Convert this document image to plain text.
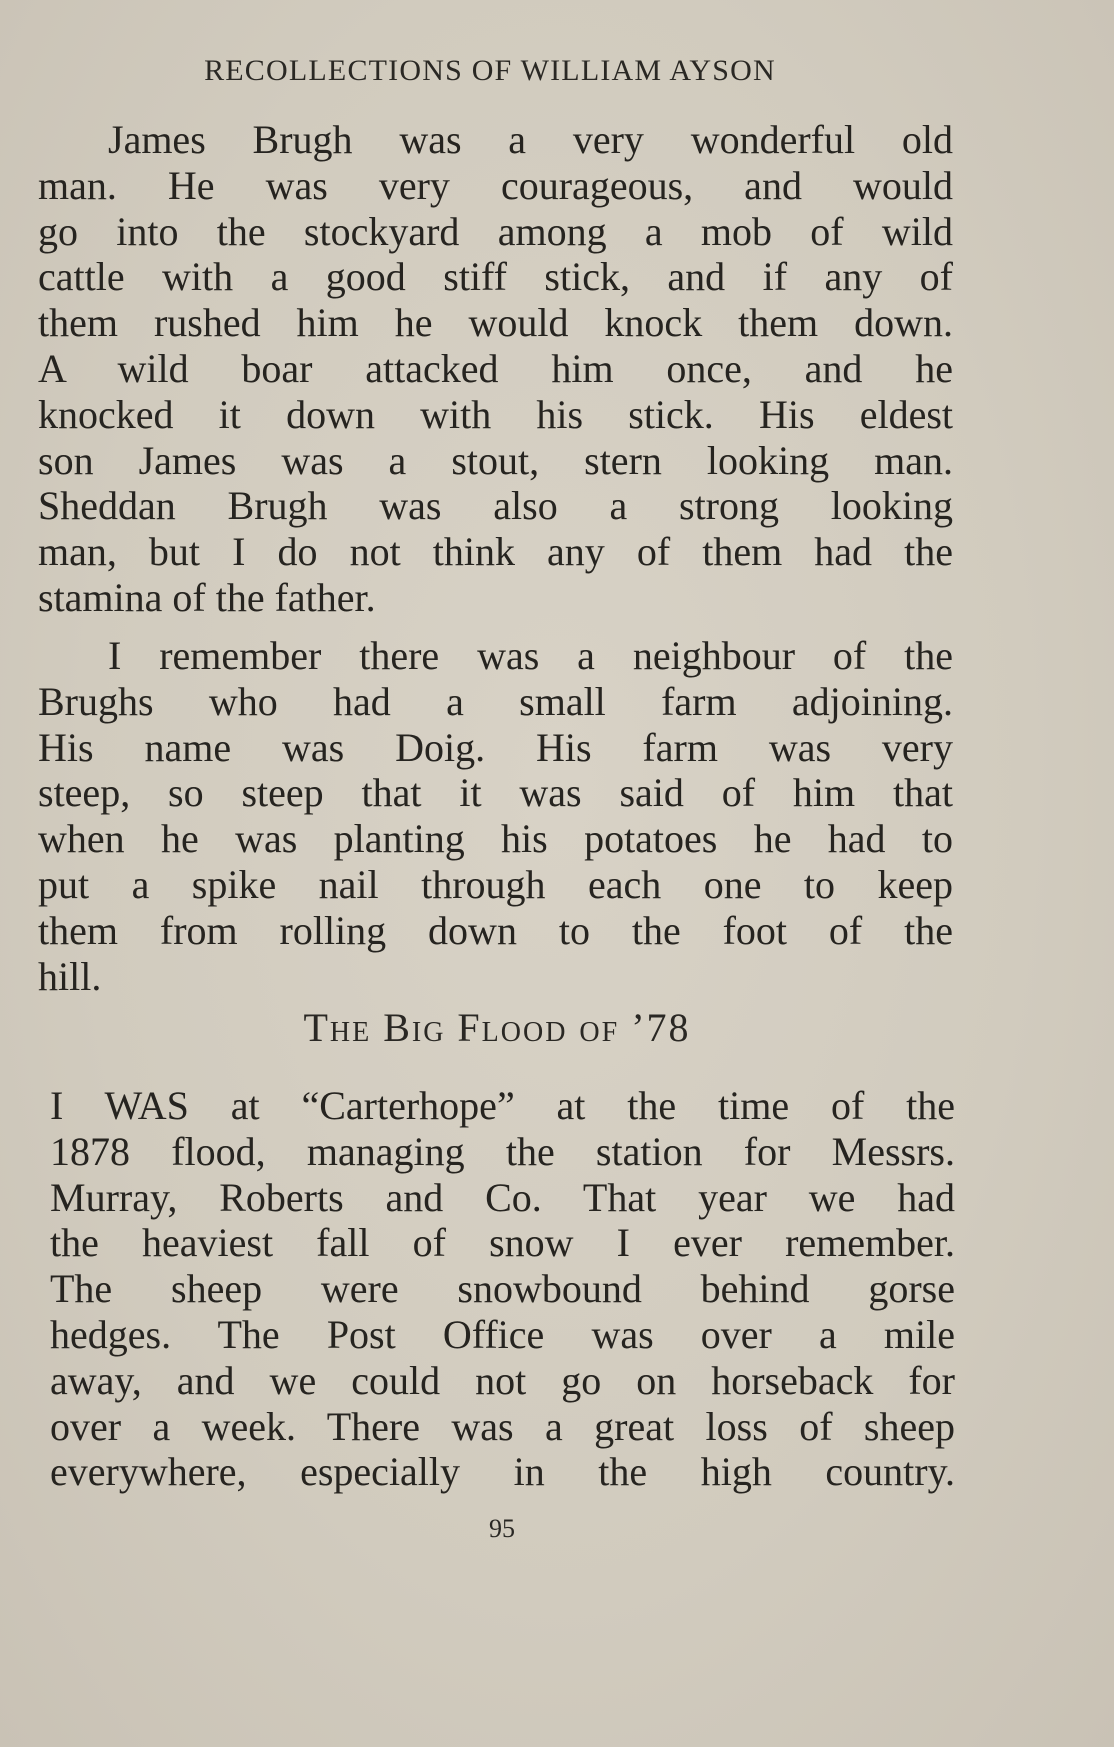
RECOLLECTIONS OF WILLIAM AYSON
James Brugh was a very wonderful old
man. He was very courageous, and would
go into the stockyard among a mob of wild
cattle with a good stiff stick, and if any of
them rushed him he would knock them down.
A wild boar attacked him once, and he
knocked it down with his stick. His eldest
son James was a stout, stern looking man.
Sheddan Brugh was also a strong looking
man, but I do not think any of them had the
stamina of the father.
I remember there was a neighbour of the
Brughs who had a small farm adjoining.
His name was Doig. His farm was very
steep, so steep that it was said of him that
when he was planting his potatoes he had to
put a spike nail through each one to keep
them from rolling down to the foot of the
hill.
The Big Flood of ’78
I WAS at “Carterhope” at the time of the
1878 flood, managing the station for Messrs.
Murray, Roberts and Co. That year we had
the heaviest fall of snow I ever remember.
The sheep were snowbound behind gorse
hedges. The Post Office was over a mile
away, and we could not go on horseback for
over a week. There was a great loss of sheep
everywhere, especially in the high country.
95
